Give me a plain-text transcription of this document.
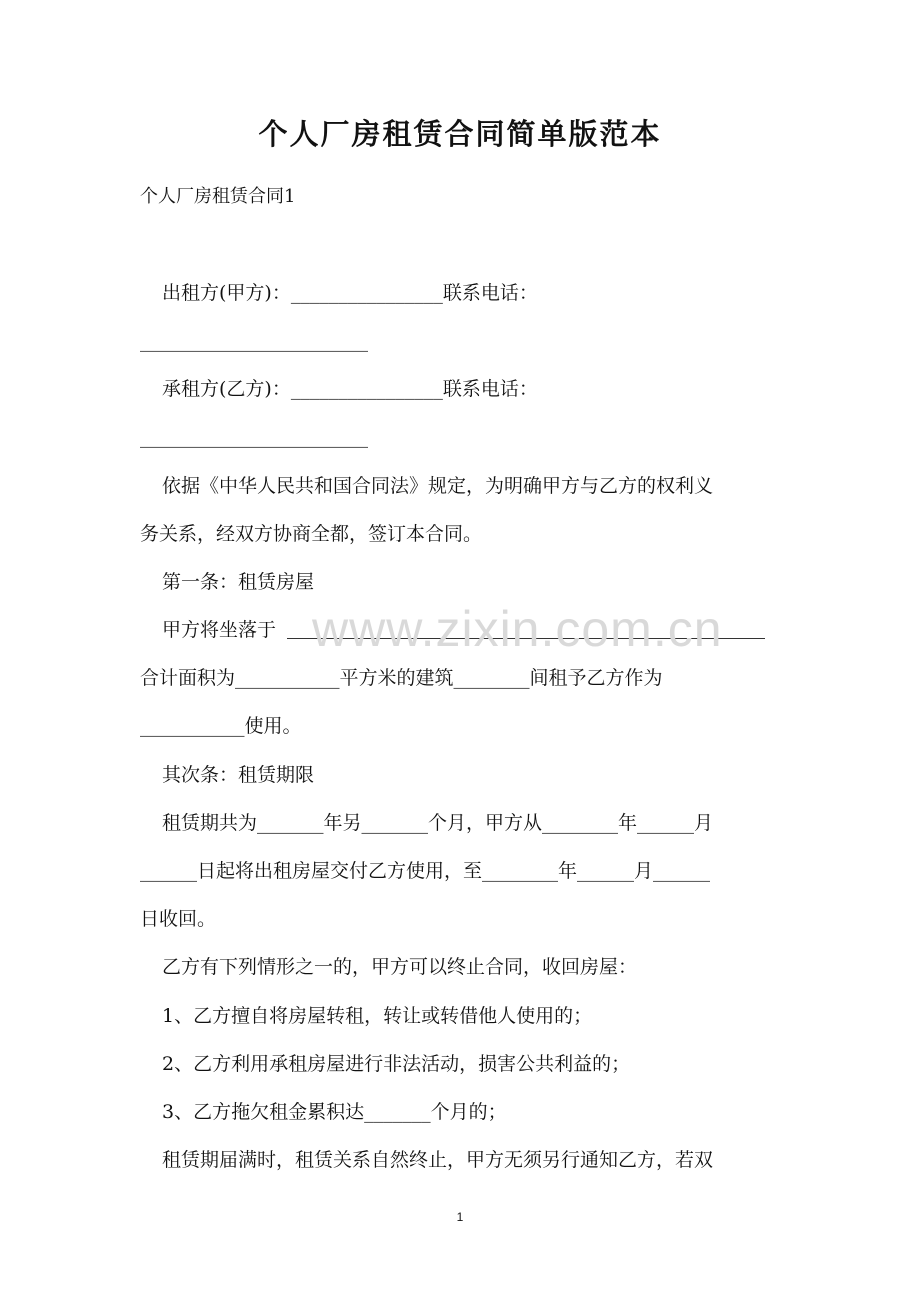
个人厂房租赁合同简单版范本
个人厂房租赁合同1
出租方(甲方)：________________联系电话：
________________________
承租方(乙方)：________________联系电话：
________________________
依据《中华人民共和国合同法》规定，为明确甲方与乙方的权利义
务关系，经双方协商全都，签订本合同。
第一条：租赁房屋
甲方将坐落于
合计面积为___________平方米的建筑________间租予乙方作为
___________使用。
其次条：租赁期限
租赁期共为_______年另_______个月，甲方从________年______月
______日起将出租房屋交付乙方使用，至________年______月______
日收回。
乙方有下列情形之一的，甲方可以终止合同，收回房屋：
1、乙方擅自将房屋转租，转让或转借他人使用的；
2、乙方利用承租房屋进行非法活动，损害公共利益的；
3、乙方拖欠租金累积达_______个月的；
租赁期届满时，租赁关系自然终止，甲方无须另行通知乙方，若双
www.zixin.com.cn
1
